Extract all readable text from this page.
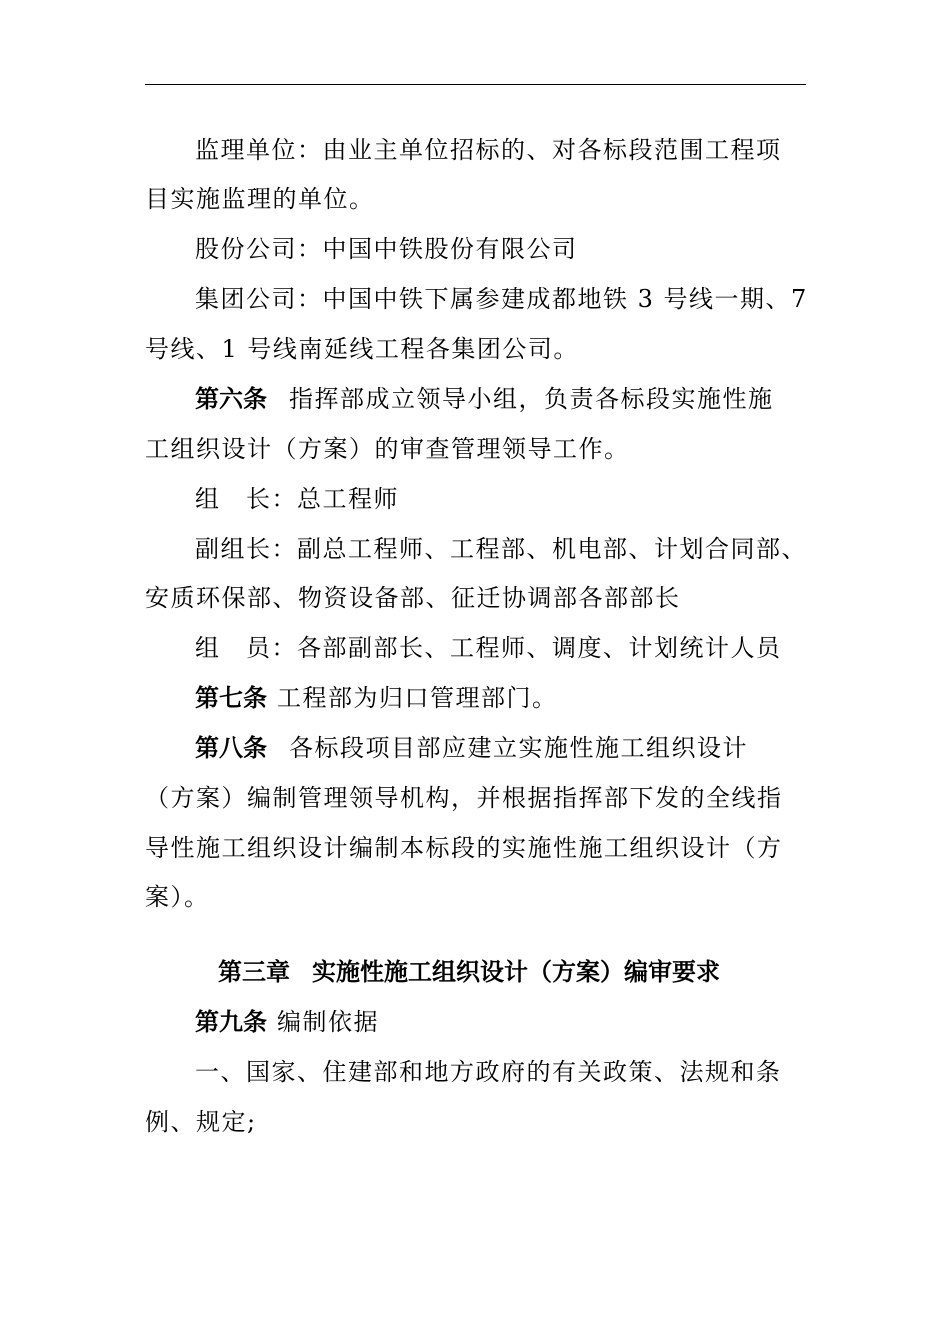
监理单位：由业主单位招标的、对各标段范围工程项
目实施监理的单位。
股份公司：中国中铁股份有限公司
集团公司：中国中铁下属参建成都地铁 3 号线一期、7
号线、1 号线南延线工程各集团公司。
第六条 指挥部成立领导小组，负责各标段实施性施
工组织设计（方案）的审查管理领导工作。
组　长：总工程师
副组长：副总工程师、工程部、机电部、计划合同部、
安质环保部、物资设备部、征迁协调部各部部长
组　员：各部副部长、工程师、调度、计划统计人员
第七条 工程部为归口管理部门。
第八条 各标段项目部应建立实施性施工组织设计
（方案）编制管理领导机构，并根据指挥部下发的全线指
导性施工组织设计编制本标段的实施性施工组织设计（方
案）。
第三章 实施性施工组织设计（方案）编审要求
第九条 编制依据
一、国家、住建部和地方政府的有关政策、法规和条
例、规定;
